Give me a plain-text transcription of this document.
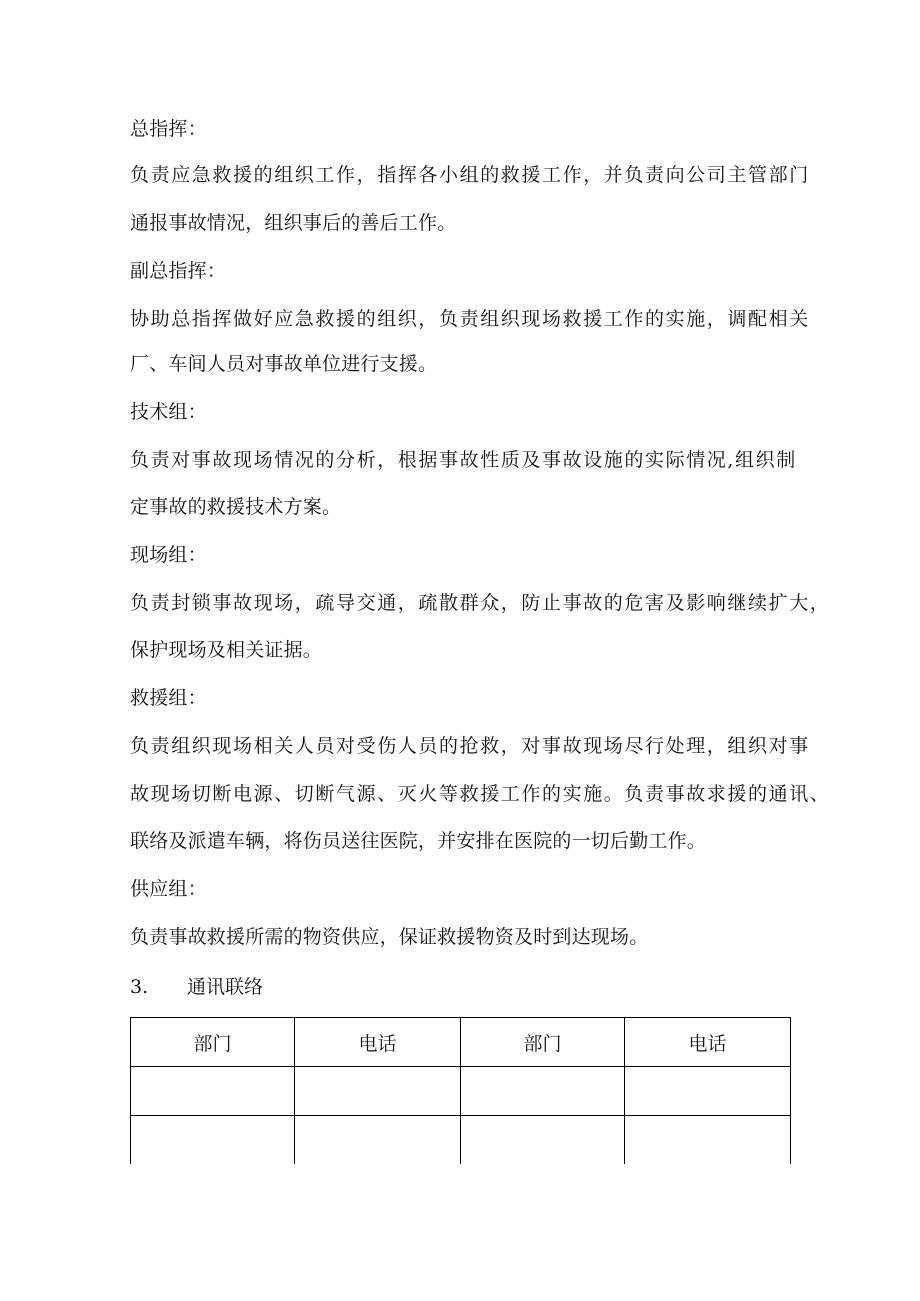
总指挥：
负责应急救援的组织工作，指挥各小组的救援工作，并负责向公司主管部门
通报事故情况，组织事后的善后工作。
副总指挥：
协助总指挥做好应急救援的组织，负责组织现场救援工作的实施，调配相关
厂、车间人员对事故单位进行支援。
技术组：
负责对事故现场情况的分析，根据事故性质及事故设施的实际情况,组织制
定事故的救援技术方案。
现场组：
负责封锁事故现场，疏导交通，疏散群众，防止事故的危害及影响继续扩大，
保护现场及相关证据。
救援组：
负责组织现场相关人员对受伤人员的抢救，对事故现场尽行处理，组织对事
故现场切断电源、切断气源、灭火等救援工作的实施。负责事故求援的通讯、
联络及派遣车辆，将伤员送往医院，并安排在医院的一切后勤工作。
供应组：
负责事故救援所需的物资供应，保证救援物资及时到达现场。
3. 通讯联络
部门	电话	部门	电话
